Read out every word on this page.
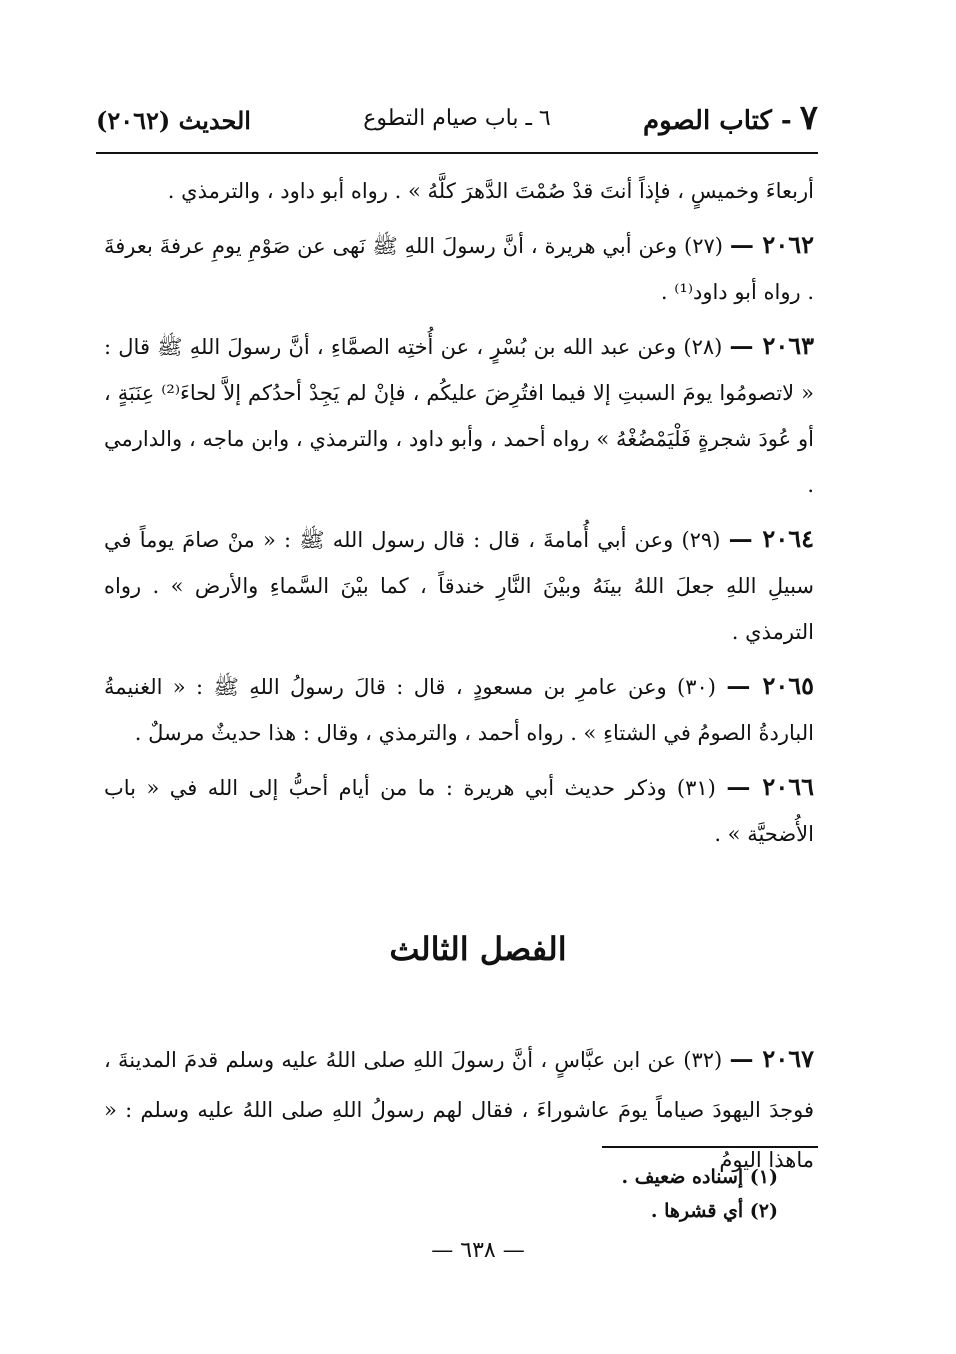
٧- كتاب الصوم
٦ ـ باب صيام التطوع
الحديث (٢٠٦٢)

أربعاءَ وخميسٍ ، فإذاً أنتَ قدْ صُمْتَ الدَّهرَ كلَّهُ » . رواه أبو داود ، والترمذي .

٢٠٦٢ — (٢٧) وعن أبي هريرة ، أنَّ رسولَ اللهِ ﷺ نَهى عن صَوْمِ يومِ عرفةَ بعرفةَ . رواه أبو داود⁽¹⁾ .

٢٠٦٣ — (٢٨) وعن عبد الله بن بُسْرٍ ، عن أُختِه الصمَّاءِ ، أنَّ رسولَ اللهِ ﷺ قال : « لاتصومُوا يومَ السبتِ إلا فيما افتُرِضَ عليكُم ، فإنْ لم يَجِدْ أحدُكم إلاَّ لحاءَ⁽²⁾ عِنَبَةٍ ، أو عُودَ شجرةٍ فَلْيَمْضُغْهُ » رواه أحمد ، وأبو داود ، والترمذي ، وابن ماجه ، والدارمي .

٢٠٦٤ — (٢٩) وعن أبي أُمامةَ ، قال : قال رسول الله ﷺ : « منْ صامَ يوماً في سبيلِ اللهِ جعلَ اللهُ بينَهُ وبيْنَ النَّارِ خندقاً ، كما بيْنَ السَّماءِ والأرض » . رواه الترمذي .

٢٠٦٥ — (٣٠) وعن عامرِ بن مسعودٍ ، قال : قالَ رسولُ اللهِ ﷺ : « الغنيمةُ الباردةُ الصومُ في الشتاءِ » . رواه أحمد ، والترمذي ، وقال : هذا حديثٌ مرسلٌ .

٢٠٦٦ — (٣١) وذكر حديث أبي هريرة : ما من أيام أحبُّ إلى الله في « باب الأُضحيَّة » .

الفصل الثالث

٢٠٦٧ — (٣٢) عن ابن عبَّاسٍ ، أنَّ رسولَ اللهِ صلى اللهُ عليه وسلم قدمَ المدينةَ ، فوجدَ اليهودَ صياماً يومَ عاشوراءَ ، فقال لهم رسولُ اللهِ صلى اللهُ عليه وسلم : « ماهذا اليومُ

(١) إسناده ضعيف .
(٢) أي قشرها .
— ٦٣٨ —
